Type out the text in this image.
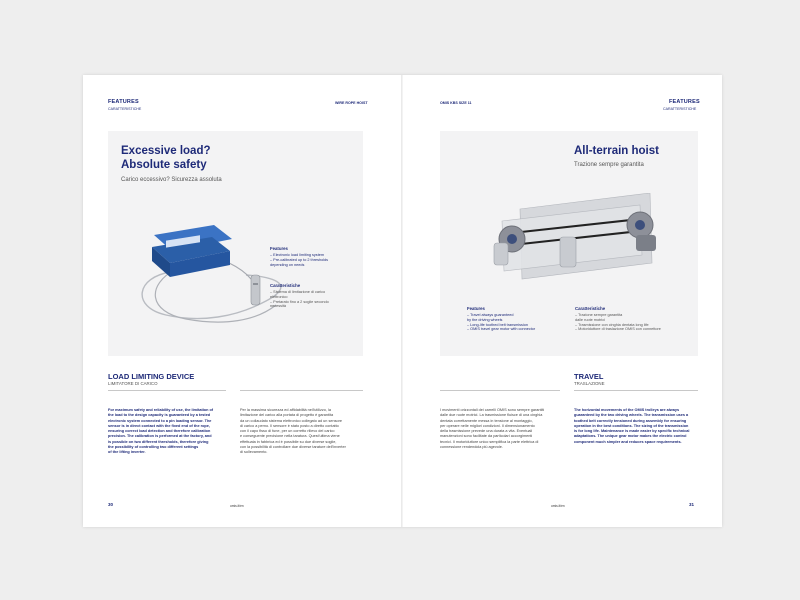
FEATURES
CARATTERISTICHE
WIRE ROPE HOIST
Excessive load?
Absolute safety
Carico eccessivo? Sicurezza assoluta
Features
– Electronic load limiting system
– Pre-calibrated up to 2 thresholds
depending on needs
Caratteristiche
– Sistema di limitazione di carico
elettronico
– Pretarato fino a 2 soglie secondo
necessità
LOAD LIMITING DEVICE
LIMITATORE DI CARICO
For maximum safety and reliability of use, the limitation of
the load to the design capacity is guaranteed by a tested
electronic system connected to a pin loading sensor. The
sensor is in direct contact with the fixed end of the rope,
ensuring correct load detection and therefore calibration
precision. The calibration is performed at the factory, and
is possible on two different thresholds, therefore giving
the possibility of controlling two different settings
of the lifting inverter.
Per la massima sicurezza ed affidabilità nell'utilizzo, la
limitazione del carico alla portata di progetto è garantita
da un collaudato sistema elettronico collegato ad un sensore
di carico a perno. Il sensore è stato posto a diretto contatto
con il capo fisso di fune, per un corretto rilievo del carico
e conseguente precisione nella taratura. Quest'ultima viene
effettuata in fabbrica ed è possibile su due diverse soglie,
con la possibilità di controllare due diverse tarature dell'inverter
di sollevamento.
30	omis.it/en
OMIS KBS SIZE 11	FEATURES
CARATTERISTICHE
All-terrain hoist
Trazione sempre garantita
Features
– Travel always guaranteed
by the driving wheels
– Long-life toothed belt transmission
– OMIS travel gear motor with connector
Caratteristiche
– Trazione sempre garantita
dalle ruote motrici
– Trasmissione con cinghia dentata long life
– Motoriduttore di traslazione OMIS con connettore
TRAVEL
TRASLAZIONE
I movimenti orizzontali dei carrelli OMIS sono sempre garantiti
dalle due ruote motrici. La trasmissione fluisce di una cinghia
dentata correttamente messa in tensione al montaggio,
per operare nelle migliori condizioni. Il dimensionamento
della trasmissione prevede una durata a vita. Eventuali
manutenzioni sono facilitate da particolari accorgimenti
tecnici. Il motoriduttore unico semplifica la parte elettrica di
connessione rendendola più agevole.
The horizontal movements of the OMIS trolleys are always
guaranteed by the two driving wheels. The transmission uses a
toothed belt correctly tensioned during assembly for ensuring
operation in the best conditions. The sizing of the transmission
is for long life. Maintenance is made easier by specific technical
adaptations. The unique gear motor makes the electric control
component much simpler and reduces space requirements.
omis.it/en	31
